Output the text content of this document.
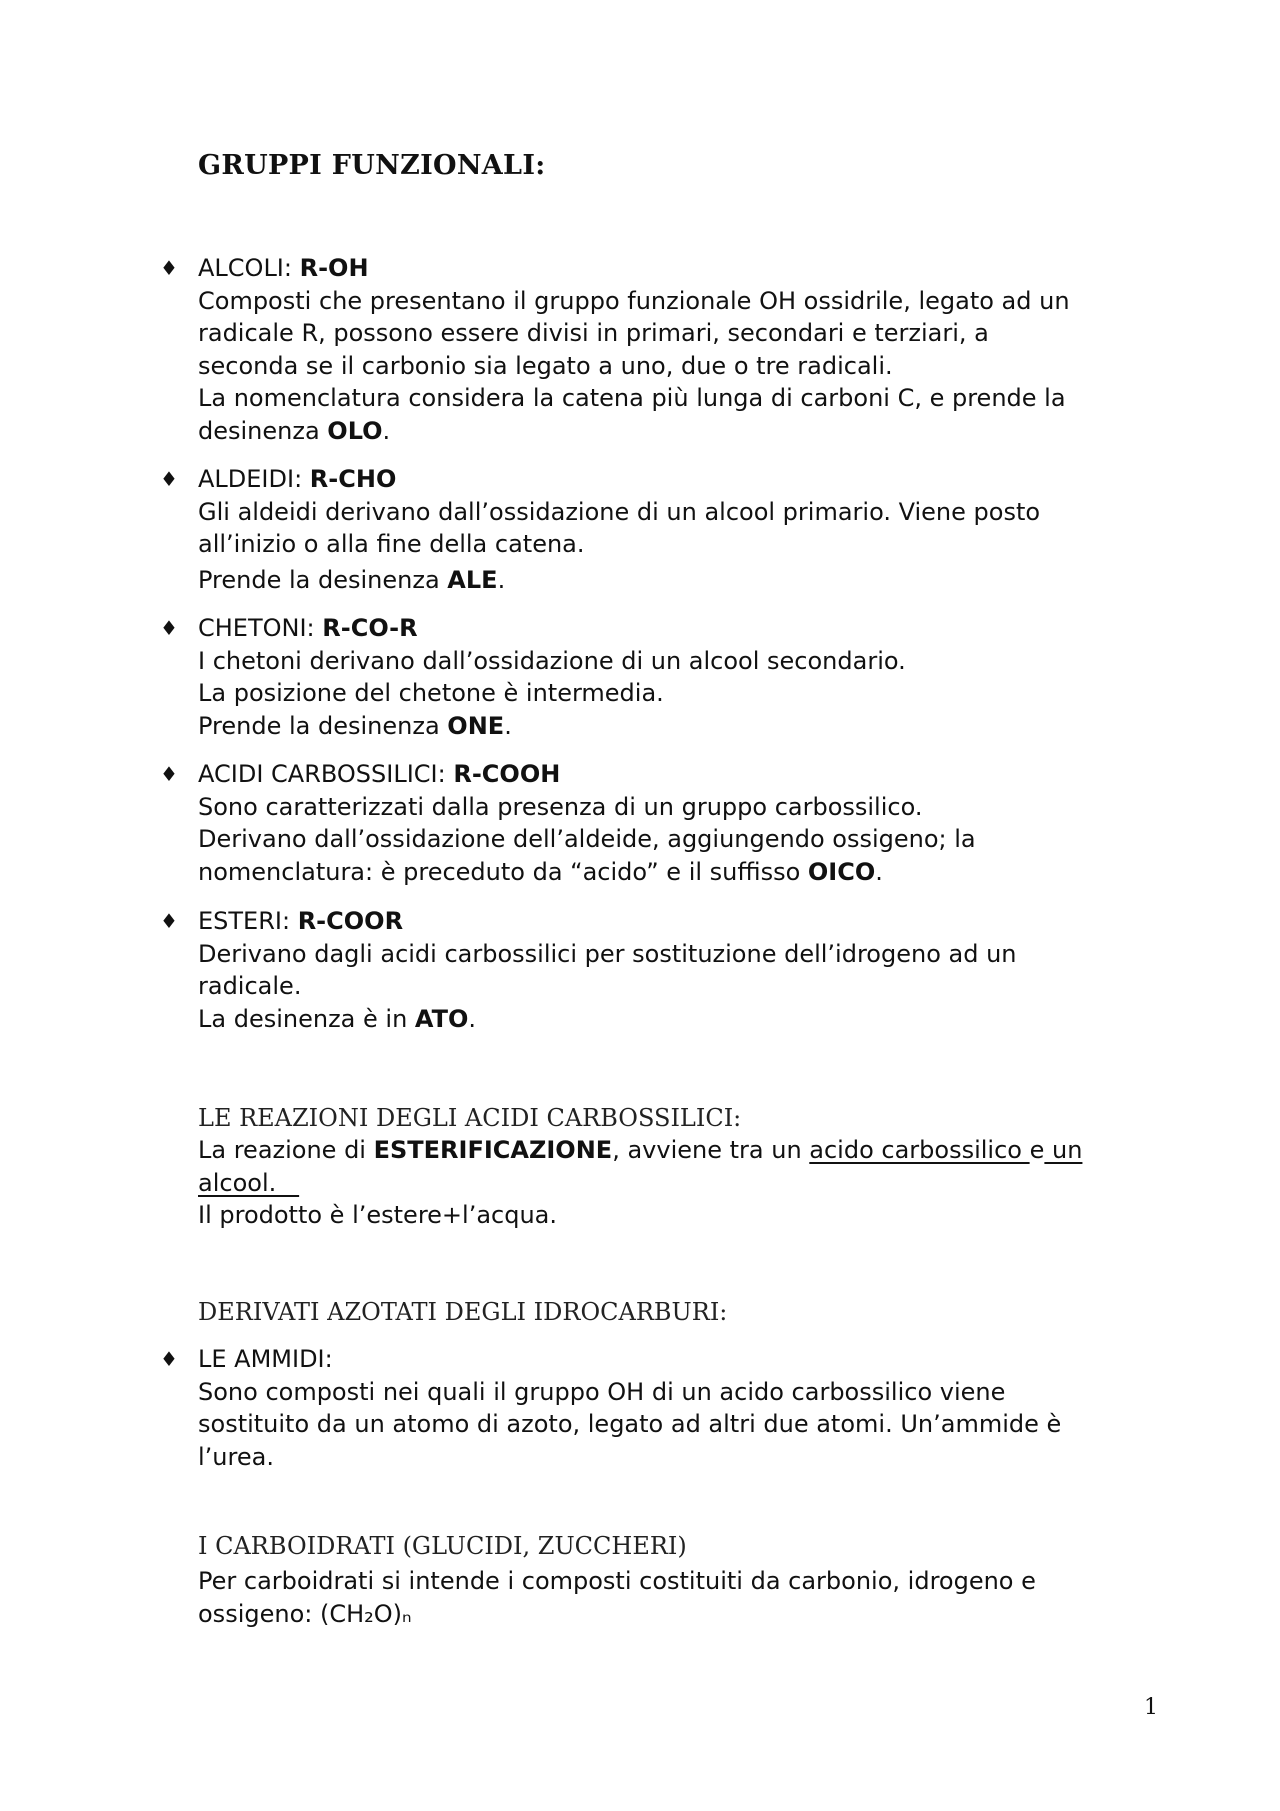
GRUPPI FUNZIONALI:
♦ ALCOLI: R-OH
Composti che presentano il gruppo funzionale OH ossidrile, legato ad un
radicale R, possono essere divisi in primari, secondari e terziari, a
seconda se il carbonio sia legato a uno, due o tre radicali.
La nomenclatura considera la catena più lunga di carboni C, e prende la
desinenza OLO.
♦ ALDEIDI: R-CHO
Gli aldeidi derivano dall’ossidazione di un alcool primario. Viene posto
all’inizio o alla fine della catena.
Prende la desinenza ALE.
♦ CHETONI: R-CO-R
I chetoni derivano dall’ossidazione di un alcool secondario.
La posizione del chetone è intermedia.
Prende la desinenza ONE.
♦ ACIDI CARBOSSILICI: R-COOH
Sono caratterizzati dalla presenza di un gruppo carbossilico.
Derivano dall’ossidazione dell’aldeide, aggiungendo ossigeno; la
nomenclatura: è preceduto da “acido” e il suffisso OICO.
♦ ESTERI: R-COOR
Derivano dagli acidi carbossilici per sostituzione dell’idrogeno ad un
radicale.
La desinenza è in ATO.
LE REAZIONI DEGLI ACIDI CARBOSSILICI:
La reazione di ESTERIFICAZIONE, avviene tra un acido carbossilico e un
alcool.
Il prodotto è l’estere+l’acqua.
DERIVATI AZOTATI DEGLI IDROCARBURI:
♦ LE AMMIDI:
Sono composti nei quali il gruppo OH di un acido carbossilico viene
sostituito da un atomo di azoto, legato ad altri due atomi. Un’ammide è
l’urea.
I CARBOIDRATI (GLUCIDI, ZUCCHERI)
Per carboidrati si intende i composti costituiti da carbonio, idrogeno e
ossigeno: (CH₂O)ₙ
1
